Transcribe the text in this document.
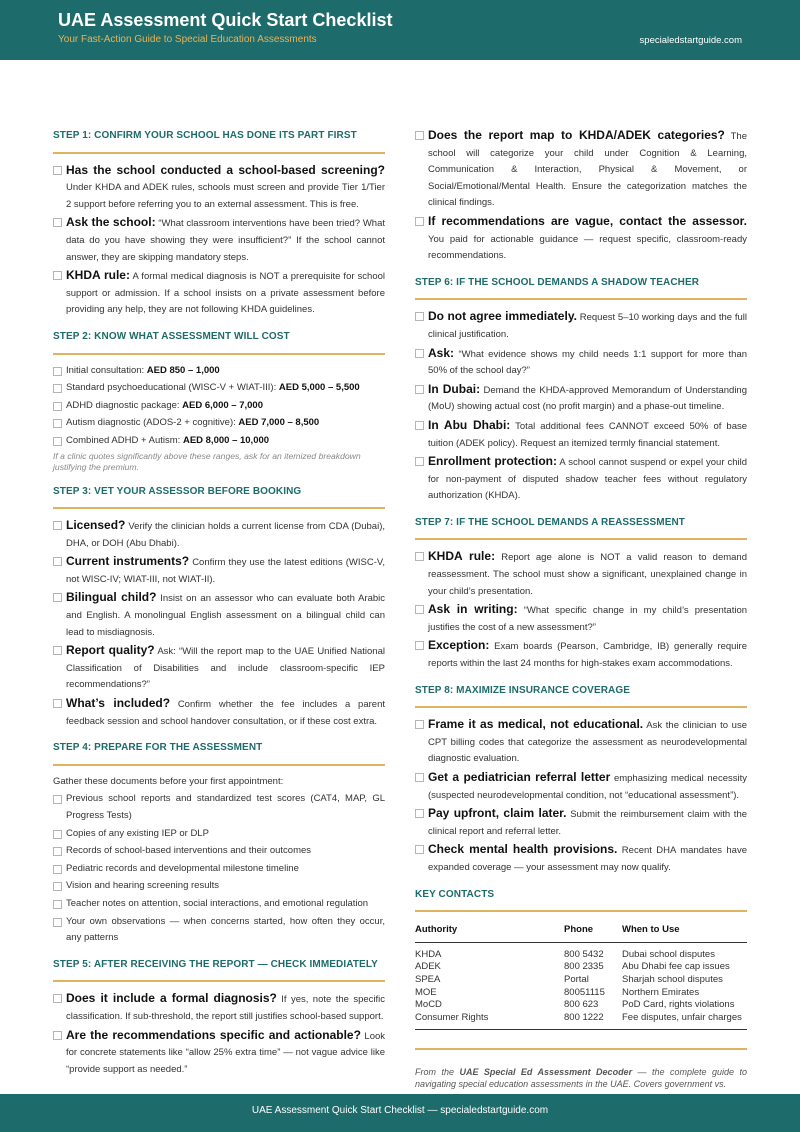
UAE Assessment Quick Start Checklist
Your Fast-Action Guide to Special Education Assessments	specialedstartguide.com
STEP 1: CONFIRM YOUR SCHOOL HAS DONE ITS PART FIRST
Has the school conducted a school-based screening? Under KHDA and ADEK rules, schools must screen and provide Tier 1/Tier 2 support before referring you to an external assessment. This is free.
Ask the school: “What classroom interventions have been tried? What data do you have showing they were insufficient?” If the school cannot answer, they are skipping mandatory steps.
KHDA rule: A formal medical diagnosis is NOT a prerequisite for school support or admission. If a school insists on a private assessment before providing any help, they are not following KHDA guidelines.
STEP 2: KNOW WHAT ASSESSMENT WILL COST
Initial consultation: AED 850 – 1,000
Standard psychoeducational (WISC-V + WIAT-III): AED 5,000 – 5,500
ADHD diagnostic package: AED 6,000 – 7,000
Autism diagnostic (ADOS-2 + cognitive): AED 7,000 – 8,500
Combined ADHD + Autism: AED 8,000 – 10,000
If a clinic quotes significantly above these ranges, ask for an itemized breakdown justifying the premium.
STEP 3: VET YOUR ASSESSOR BEFORE BOOKING
Licensed? Verify the clinician holds a current license from CDA (Dubai), DHA, or DOH (Abu Dhabi).
Current instruments? Confirm they use the latest editions (WISC-V, not WISC-IV; WIAT-III, not WIAT-II).
Bilingual child? Insist on an assessor who can evaluate both Arabic and English. A monolingual English assessment on a bilingual child can lead to misdiagnosis.
Report quality? Ask: “Will the report map to the UAE Unified National Classification of Disabilities and include classroom-specific IEP recommendations?”
What’s included? Confirm whether the fee includes a parent feedback session and school handover consultation, or if these cost extra.
STEP 4: PREPARE FOR THE ASSESSMENT
Gather these documents before your first appointment:
Previous school reports and standardized test scores (CAT4, MAP, GL Progress Tests)
Copies of any existing IEP or DLP
Records of school-based interventions and their outcomes
Pediatric records and developmental milestone timeline
Vision and hearing screening results
Teacher notes on attention, social interactions, and emotional regulation
Your own observations — when concerns started, how often they occur, any patterns
STEP 5: AFTER RECEIVING THE REPORT — CHECK IMMEDIATELY
Does it include a formal diagnosis? If yes, note the specific classification. If sub-threshold, the report still justifies school-based support.
Are the recommendations specific and actionable? Look for concrete statements like “allow 25% extra time” — not vague advice like “provide support as needed.”
Does the report map to KHDA/ADEK categories? The school will categorize your child under Cognition & Learning, Communication & Interaction, Physical & Movement, or Social/Emotional/Mental Health. Ensure the categorization matches the clinical findings.
If recommendations are vague, contact the assessor. You paid for actionable guidance — request specific, classroom-ready recommendations.
STEP 6: IF THE SCHOOL DEMANDS A SHADOW TEACHER
Do not agree immediately. Request 5–10 working days and the full clinical justification.
Ask: “What evidence shows my child needs 1:1 support for more than 50% of the school day?”
In Dubai: Demand the KHDA-approved Memorandum of Understanding (MoU) showing actual cost (no profit margin) and a phase-out timeline.
In Abu Dhabi: Total additional fees CANNOT exceed 50% of base tuition (ADEK policy). Request an itemized termly financial statement.
Enrollment protection: A school cannot suspend or expel your child for non-payment of disputed shadow teacher fees without regulatory authorization (KHDA).
STEP 7: IF THE SCHOOL DEMANDS A REASSESSMENT
KHDA rule: Report age alone is NOT a valid reason to demand reassessment. The school must show a significant, unexplained change in your child’s presentation.
Ask in writing: “What specific change in my child’s presentation justifies the cost of a new assessment?”
Exception: Exam boards (Pearson, Cambridge, IB) generally require reports within the last 24 months for high-stakes exam accommodations.
STEP 8: MAXIMIZE INSURANCE COVERAGE
Frame it as medical, not educational. Ask the clinician to use CPT billing codes that categorize the assessment as neurodevelopmental diagnostic evaluation.
Get a pediatrician referral letter emphasizing medical necessity (suspected neurodevelopmental condition, not “educational assessment”).
Pay upfront, claim later. Submit the reimbursement claim with the clinical report and referral letter.
Check mental health provisions. Recent DHA mandates have expanded coverage — your assessment may now qualify.
KEY CONTACTS
Authority	Phone	When to Use
KHDA	800 5432	Dubai school disputes
ADEK	800 2335	Abu Dhabi fee cap issues
SPEA	Portal	Sharjah school disputes
MOE	80051115	Northern Emirates
MoCD	800 623	PoD Card, rights violations
Consumer Rights	800 1222	Fee disputes, unfair charges
From the UAE Special Ed Assessment Decoder — the complete guide to navigating special education assessments in the UAE. Covers government vs.
UAE Assessment Quick Start Checklist — specialedstartguide.com
